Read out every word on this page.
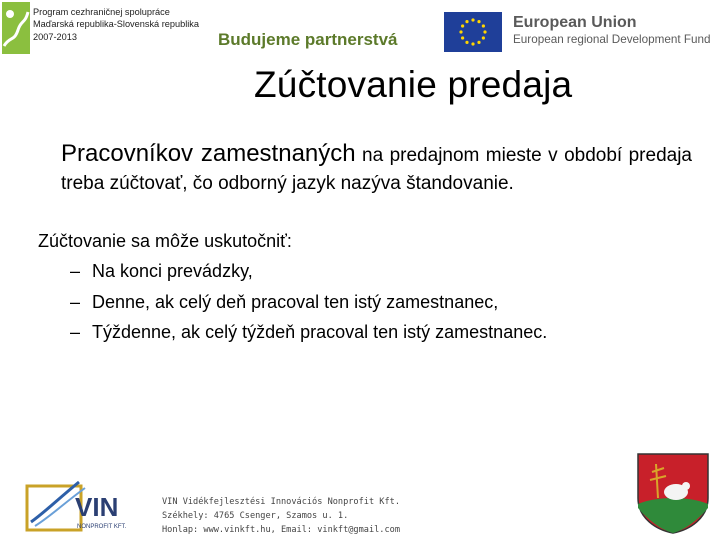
Program cezhraničnej spolupráce
Maďarská republika-Slovenská republika
2007-2013	Budujeme partnerstvá
European Union
European regional Development Fund
Zúčtovanie predaja
Pracovníkov zamestnaných na predajnom mieste v období predaja treba zúčtovať, čo odborný jazyk nazýva štandovanie.
Zúčtovanie sa môže uskutočniť:
– Na konci prevádzky,
– Denne, ak celý deň pracoval ten istý zamestnanec,
– Týždenne, ak celý týždeň pracoval ten istý zamestnanec.
VIN
NONPROFIT KFT.
VIN Vidékfejlesztési Innovációs Nonprofit Kft.
Székhely: 4765 Csenger, Szamos u. 1.
Honlap: www.vinkft.hu, Email: vinkft@gmail.com
